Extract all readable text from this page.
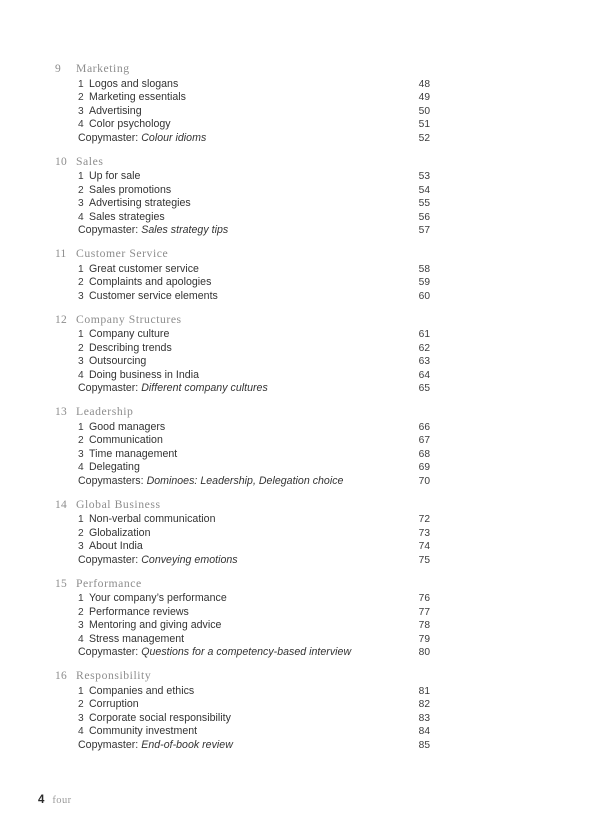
9	Marketing
1 Logos and slogans	48
2 Marketing essentials	49
3 Advertising	50
4 Color psychology	51
Copymaster: Colour idioms	52
10 Sales
1 Up for sale	53
2 Sales promotions	54
3 Advertising strategies	55
4 Sales strategies	56
Copymaster: Sales strategy tips	57
11 Customer Service
1 Great customer service	58
2 Complaints and apologies	59
3 Customer service elements	60
12 Company Structures
1 Company culture	61
2 Describing trends	62
3 Outsourcing	63
4 Doing business in India	64
Copymaster: Different company cultures	65
13 Leadership
1 Good managers	66
2 Communication	67
3 Time management	68
4 Delegating	69
Copymasters: Dominoes: Leadership, Delegation choice	70
14 Global Business
1 Non-verbal communication	72
2 Globalization	73
3 About India	74
Copymaster: Conveying emotions	75
15 Performance
1 Your company’s performance	76
2 Performance reviews	77
3 Mentoring and giving advice	78
4 Stress management	79
Copymaster: Questions for a competency-based interview	80
16 Responsibility
1 Companies and ethics	81
2 Corruption	82
3 Corporate social responsibility	83
4 Community investment	84
Copymaster: End-of-book review	85
4 four
